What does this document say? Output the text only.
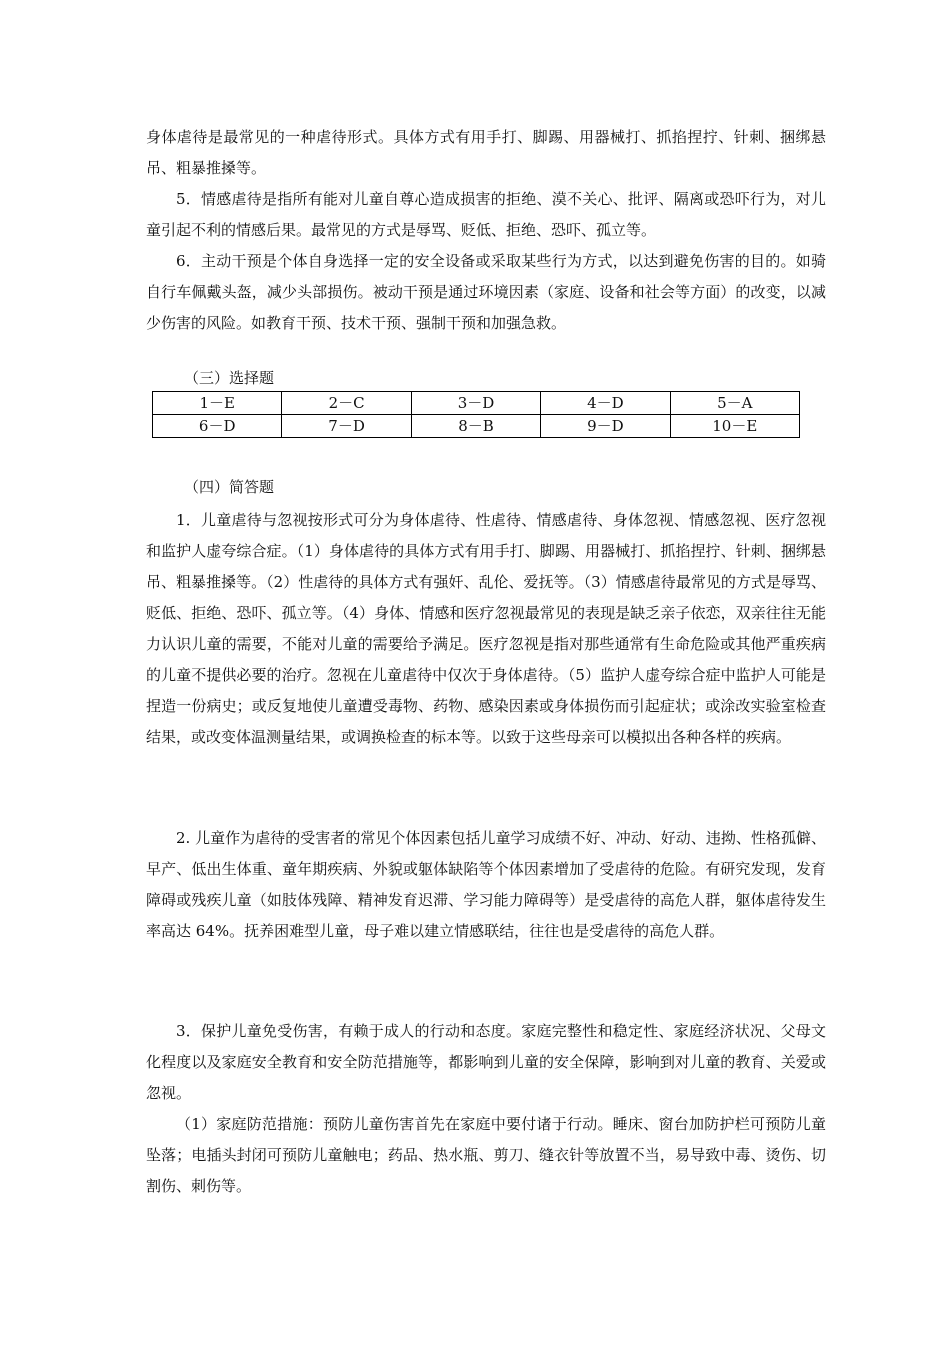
身体虐待是最常见的一种虐待形式。具体方式有用手打、脚踢、用器械打、抓掐捏拧、针刺、捆绑悬吊、粗暴推搡等。

5．情感虐待是指所有能对儿童自尊心造成损害的拒绝、漠不关心、批评、隔离或恐吓行为，对儿童引起不利的情感后果。最常见的方式是辱骂、贬低、拒绝、恐吓、孤立等。

6．主动干预是个体自身选择一定的安全设备或采取某些行为方式，以达到避免伤害的目的。如骑自行车佩戴头盔，减少头部损伤。被动干预是通过环境因素（家庭、设备和社会等方面）的改变，以减少伤害的风险。如教育干预、技术干预、强制干预和加强急救。

（三）选择题

1－E	2－C	3－D	4－D	5－A
6－D	7－D	8－B	9－D	10－E

（四）简答题

1．儿童虐待与忽视按形式可分为身体虐待、性虐待、情感虐待、身体忽视、情感忽视、医疗忽视和监护人虚夸综合症。（1）身体虐待的具体方式有用手打、脚踢、用器械打、抓掐捏拧、针刺、捆绑悬吊、粗暴推搡等。（2）性虐待的具体方式有强奸、乱伦、爱抚等。（3）情感虐待最常见的方式是辱骂、贬低、拒绝、恐吓、孤立等。（4）身体、情感和医疗忽视最常见的表现是缺乏亲子依恋，双亲往往无能力认识儿童的需要，不能对儿童的需要给予满足。医疗忽视是指对那些通常有生命危险或其他严重疾病的儿童不提供必要的治疗。忽视在儿童虐待中仅次于身体虐待。（5）监护人虚夸综合症中监护人可能是捏造一份病史；或反复地使儿童遭受毒物、药物、感染因素或身体损伤而引起症状；或涂改实验室检查结果，或改变体温测量结果，或调换检查的标本等。以致于这些母亲可以模拟出各种各样的疾病。

2. 儿童作为虐待的受害者的常见个体因素包括儿童学习成绩不好、冲动、好动、违拗、性格孤僻、早产、低出生体重、童年期疾病、外貌或躯体缺陷等个体因素增加了受虐待的危险。有研究发现，发育障碍或残疾儿童（如肢体残障、精神发育迟滞、学习能力障碍等）是受虐待的高危人群，躯体虐待发生率高达 64%。抚养困难型儿童，母子难以建立情感联结，往往也是受虐待的高危人群。

3．保护儿童免受伤害，有赖于成人的行动和态度。家庭完整性和稳定性、家庭经济状况、父母文化程度以及家庭安全教育和安全防范措施等，都影响到儿童的安全保障，影响到对儿童的教育、关爱或忽视。

（1）家庭防范措施：预防儿童伤害首先在家庭中要付诸于行动。睡床、窗台加防护栏可预防儿童坠落；电插头封闭可预防儿童触电；药品、热水瓶、剪刀、缝衣针等放置不当，易导致中毒、烫伤、切割伤、刺伤等。
